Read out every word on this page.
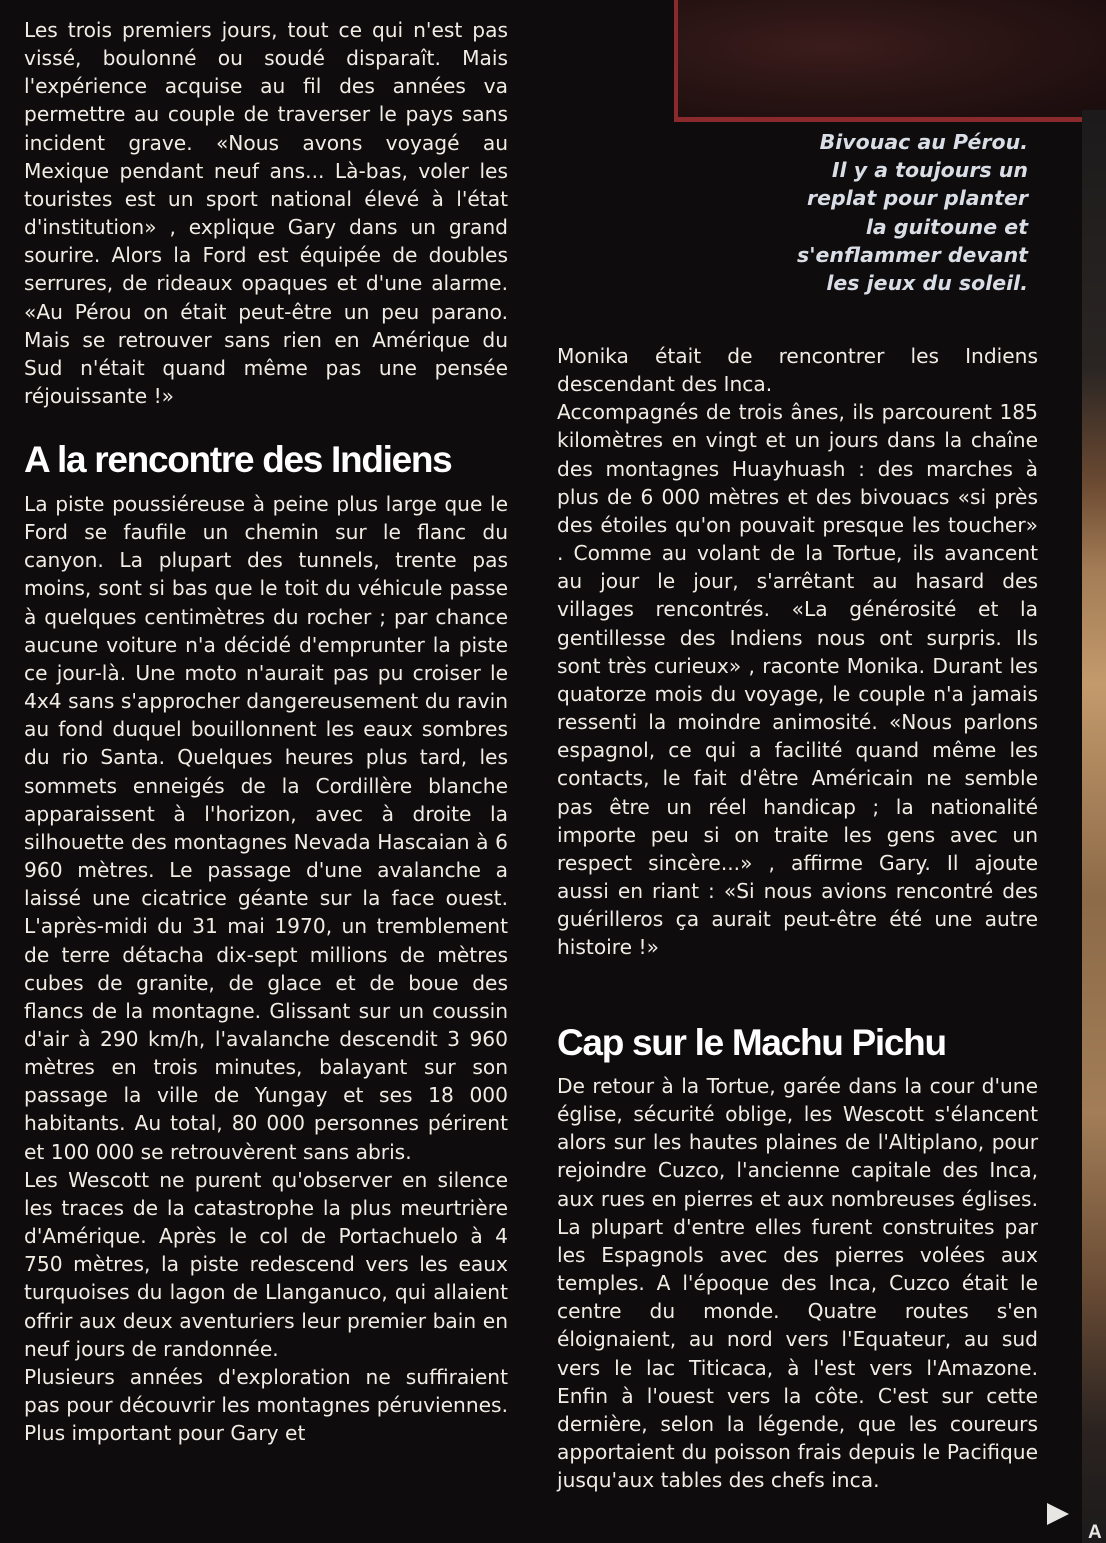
Bivouac au Pérou.
Il y a toujours un
replat pour planter
la guitoune et
s'enflammer devant
les jeux du soleil.

Les trois premiers jours, tout ce qui n'est pas vissé, boulonné ou soudé disparaît. Mais l'expérience acquise au fil des années va permettre au couple de traverser le pays sans incident grave. «Nous avons voyagé au Mexique pendant neuf ans... Là-bas, voler les touristes est un sport national élevé à l'état d'institution» , explique Gary dans un grand sourire. Alors la Ford est équipée de doubles serrures, de rideaux opaques et d'une alarme. «Au Pérou on était peut-être un peu parano. Mais se retrouver sans rien en Amérique du Sud n'était quand même pas une pensée réjouissante !»

A la rencontre des Indiens

La piste poussiéreuse à peine plus large que le Ford se faufile un chemin sur le flanc du canyon. La plupart des tunnels, trente pas moins, sont si bas que le toit du véhicule passe à quelques centimètres du rocher ; par chance aucune voiture n'a décidé d'emprunter la piste ce jour-là. Une moto n'aurait pas pu croiser le 4x4 sans s'approcher dangereusement du ravin au fond duquel bouillonnent les eaux sombres du rio Santa. Quelques heures plus tard, les sommets enneigés de la Cordillère blanche apparaissent à l'horizon, avec à droite la silhouette des montagnes Nevada Hascaian à 6 960 mètres. Le passage d'une avalanche a laissé une cicatrice géante sur la face ouest. L'après-midi du 31 mai 1970, un tremblement de terre détacha dix-sept millions de mètres cubes de granite, de glace et de boue des flancs de la montagne. Glissant sur un coussin d'air à 290 km/h, l'avalanche descendit 3 960 mètres en trois minutes, balayant sur son passage la ville de Yungay et ses 18 000 habitants. Au total, 80 000 personnes périrent et 100 000 se retrouvèrent sans abris.

Les Wescott ne purent qu'observer en silence les traces de la catastrophe la plus meurtrière d'Amérique. Après le col de Portachuelo à 4 750 mètres, la piste redescend vers les eaux turquoises du lagon de Llanganuco, qui allaient offrir aux deux aventuriers leur premier bain en neuf jours de randonnée.

Plusieurs années d'exploration ne suffiraient pas pour découvrir les montagnes péruviennes. Plus important pour Gary et

Monika était de rencontrer les Indiens descendant des Inca.

Accompagnés de trois ânes, ils parcourent 185 kilomètres en vingt et un jours dans la chaîne des montagnes Huayhuash : des marches à plus de 6 000 mètres et des bivouacs «si près des étoiles qu'on pouvait presque les toucher» . Comme au volant de la Tortue, ils avancent au jour le jour, s'arrêtant au hasard des villages rencontrés. «La générosité et la gentillesse des Indiens nous ont surpris. Ils sont très curieux» , raconte Monika. Durant les quatorze mois du voyage, le couple n'a jamais ressenti la moindre animosité. «Nous parlons espagnol, ce qui a facilité quand même les contacts, le fait d'être Américain ne semble pas être un réel handicap ; la nationalité importe peu si on traite les gens avec un respect sincère...» , affirme Gary. Il ajoute aussi en riant : «Si nous avions rencontré des guérilleros ça aurait peut-être été une autre histoire !»

Cap sur le Machu Pichu

De retour à la Tortue, garée dans la cour d'une église, sécurité oblige, les Wescott s'élancent alors sur les hautes plaines de l'Altiplano, pour rejoindre Cuzco, l'ancienne capitale des Inca, aux rues en pierres et aux nombreuses églises. La plupart d'entre elles furent construites par les Espagnols avec des pierres volées aux temples. A l'époque des Inca, Cuzco était le centre du monde. Quatre routes s'en éloignaient, au nord vers l'Equateur, au sud vers le lac Titicaca, à l'est vers l'Amazone. Enfin à l'ouest vers la côte. C'est sur cette dernière, selon la légende, que les coureurs apportaient du poisson frais depuis le Pacifique jusqu'aux tables des chefs inca.

A
